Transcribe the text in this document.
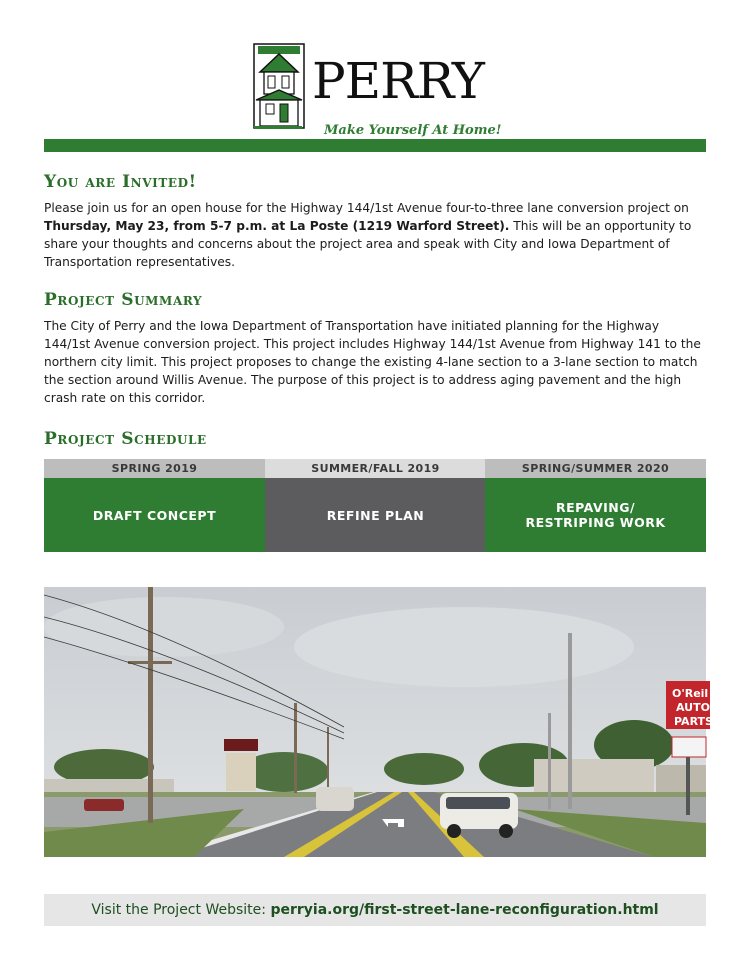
PERRY
Make Yourself At Home!
You are Invited!
Please join us for an open house for the Highway 144/1st Avenue four-to-three lane conversion project on Thursday, May 23, from 5-7 p.m. at La Poste (1219 Warford Street). This will be an opportunity to share your thoughts and concerns about the project area and speak with City and Iowa Department of Transportation representatives.
Project Summary
The City of Perry and the Iowa Department of Transportation have initiated planning for the Highway 144/1st Avenue conversion project. This project includes Highway 144/1st Avenue from Highway 141 to the northern city limit. This project proposes to change the existing 4-lane section to a 3-lane section to match the section around Willis Avenue. The purpose of this project is to address aging pavement and the high crash rate on this corridor.
Project Schedule
SPRING 2019
DRAFT CONCEPT
SUMMER/FALL 2019
REFINE PLAN
SPRING/SUMMER 2020
REPAVING/ RESTRIPING WORK
O'Reil
AUTO
PARTS
Visit the Project Website: perryia.org/first-street-lane-reconfiguration.html
